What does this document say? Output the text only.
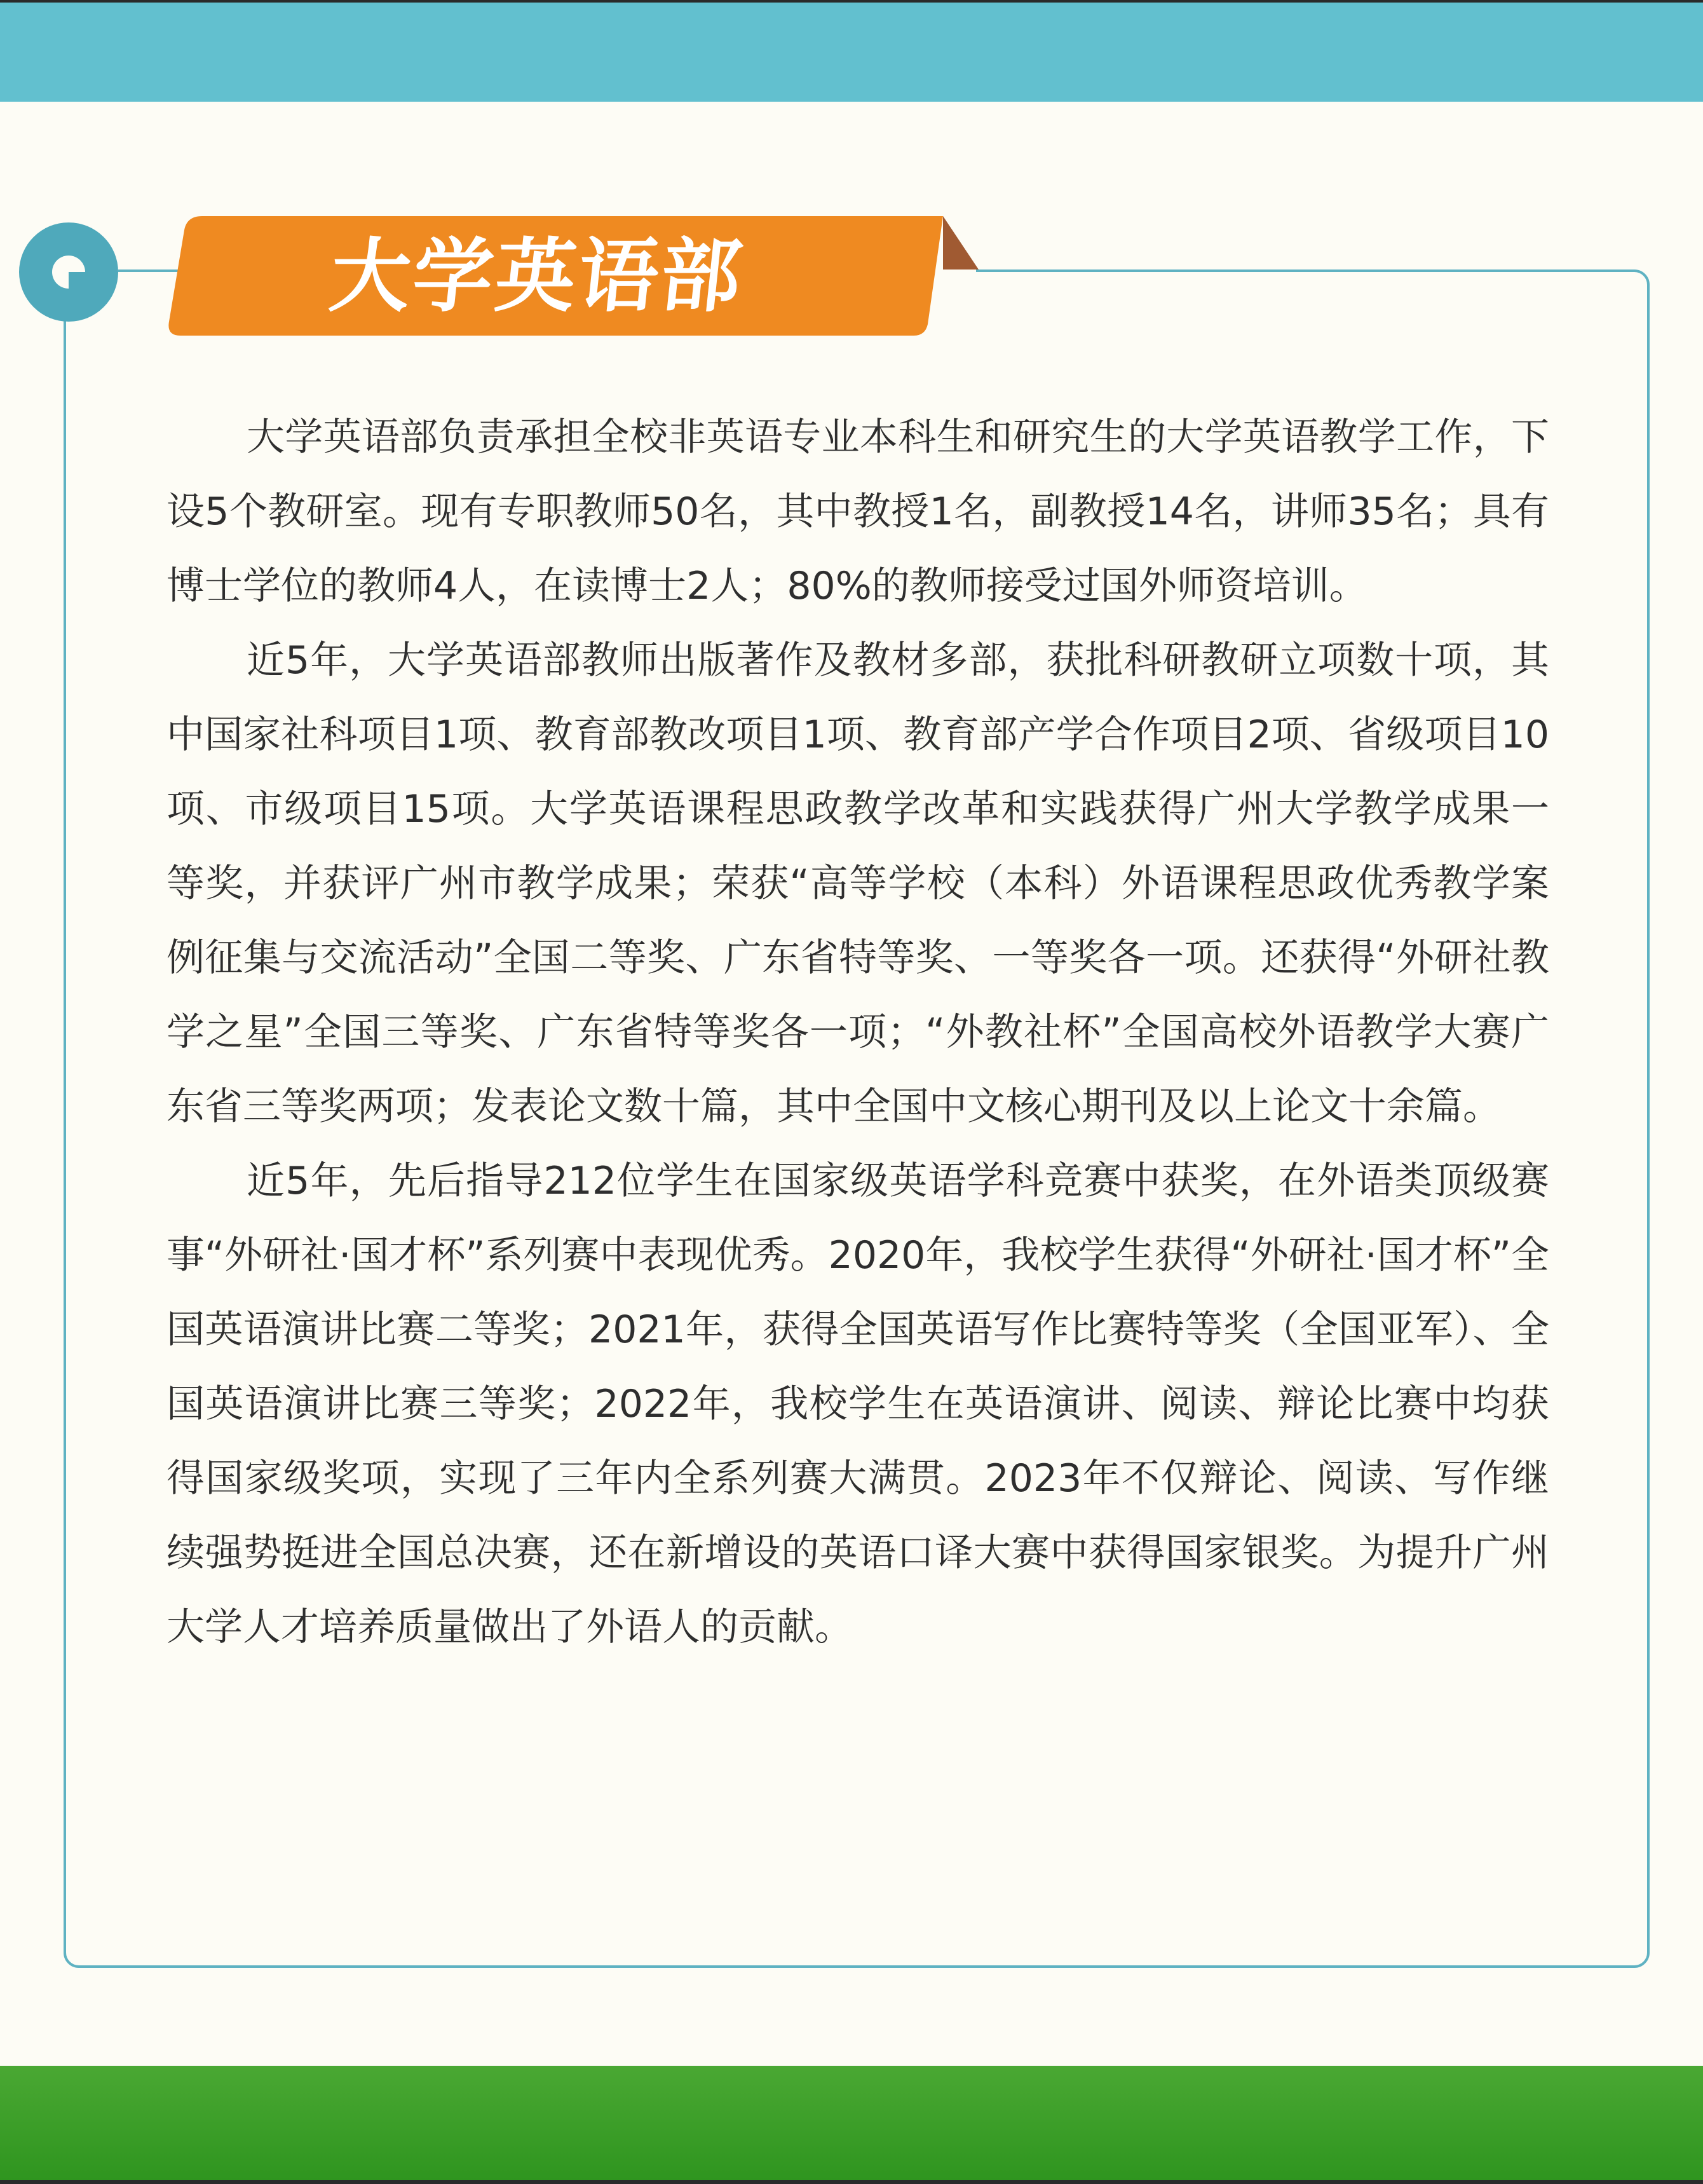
大学英语部

大学英语部负责承担全校非英语专业本科生和研究生的大学英语教学工作，下设5个教研室。现有专职教师50名，其中教授1名，副教授14名，讲师35名；具有博士学位的教师4人，在读博士2人；80%的教师接受过国外师资培训。

近5年，大学英语部教师出版著作及教材多部，获批科研教研立项数十项，其中国家社科项目1项、教育部教改项目1项、教育部产学合作项目2项、省级项目10项、市级项目15项。大学英语课程思政教学改革和实践获得广州大学教学成果一等奖，并获评广州市教学成果；荣获“高等学校（本科）外语课程思政优秀教学案例征集与交流活动”全国二等奖、广东省特等奖、一等奖各一项。还获得“外研社教学之星”全国三等奖、广东省特等奖各一项；“外教社杯”全国高校外语教学大赛广东省三等奖两项；发表论文数十篇，其中全国中文核心期刊及以上论文十余篇。

近5年，先后指导212位学生在国家级英语学科竞赛中获奖，在外语类顶级赛事“外研社·国才杯”系列赛中表现优秀。2020年，我校学生获得“外研社·国才杯”全国英语演讲比赛二等奖；2021年，获得全国英语写作比赛特等奖（全国亚军）、全国英语演讲比赛三等奖；2022年，我校学生在英语演讲、阅读、辩论比赛中均获得国家级奖项，实现了三年内全系列赛大满贯。2023年不仅辩论、阅读、写作继续强势挺进全国总决赛，还在新增设的英语口译大赛中获得国家银奖。为提升广州大学人才培养质量做出了外语人的贡献。
